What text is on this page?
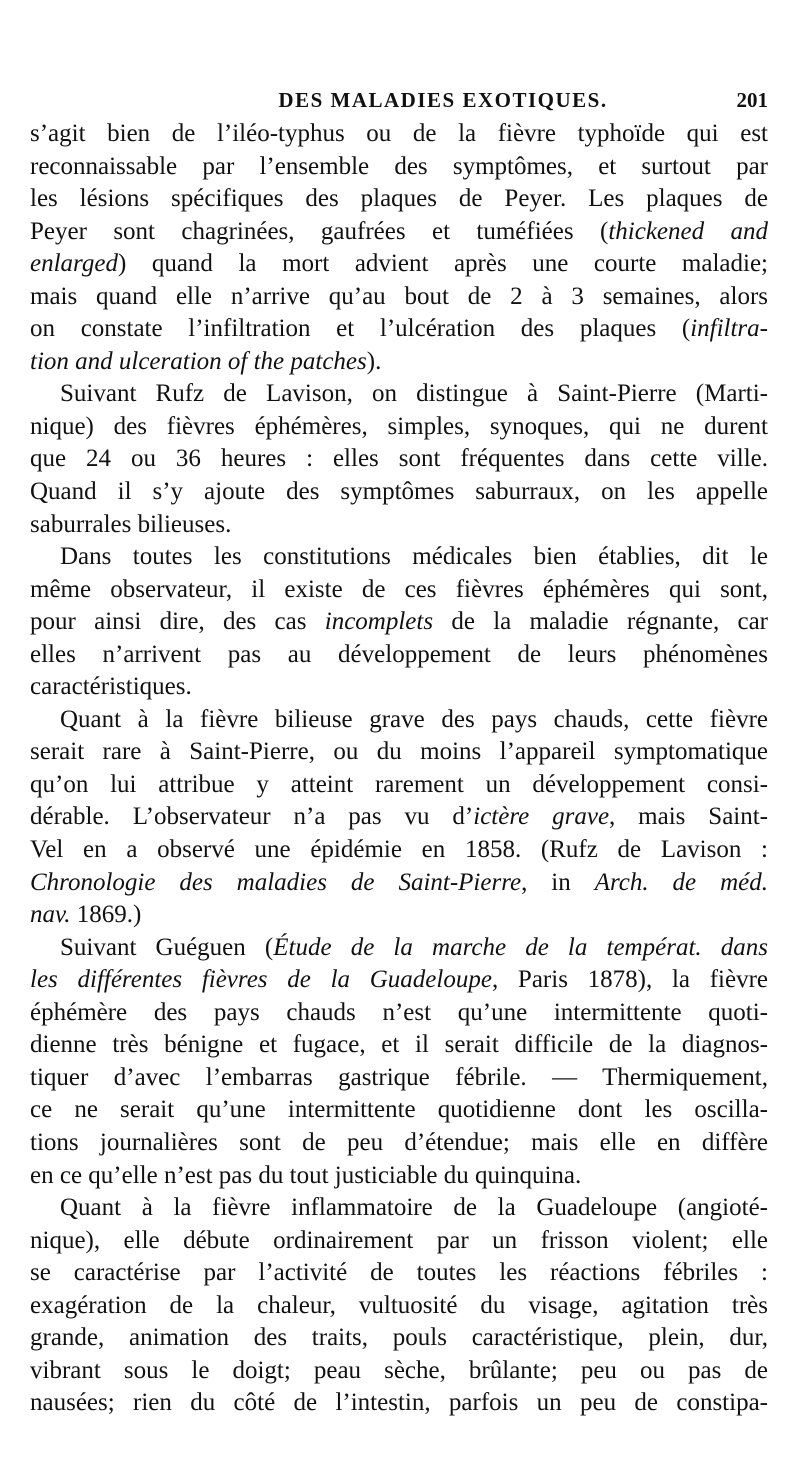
DES MALADIES EXOTIQUES.	201
s’agit bien de l’iléo-typhus ou de la fièvre typhoïde qui est
reconnaissable par l’ensemble des symptômes, et surtout par
les lésions spécifiques des plaques de Peyer. Les plaques de
Peyer sont chagrinées, gaufrées et tuméfiées (thickened and
enlarged) quand la mort advient après une courte maladie;
mais quand elle n’arrive qu’au bout de 2 à 3 semaines, alors
on constate l’infiltration et l’ulcération des plaques (infiltra-
tion and ulceration of the patches).
Suivant Rufz de Lavison, on distingue à Saint-Pierre (Marti-
nique) des fièvres éphémères, simples, synoques, qui ne durent
que 24 ou 36 heures : elles sont fréquentes dans cette ville.
Quand il s’y ajoute des symptômes saburraux, on les appelle
saburrales bilieuses.
Dans toutes les constitutions médicales bien établies, dit le
même observateur, il existe de ces fièvres éphémères qui sont,
pour ainsi dire, des cas incomplets de la maladie régnante, car
elles n’arrivent pas au développement de leurs phénomènes
caractéristiques.
Quant à la fièvre bilieuse grave des pays chauds, cette fièvre
serait rare à Saint-Pierre, ou du moins l’appareil symptomatique
qu’on lui attribue y atteint rarement un développement consi-
dérable. L’observateur n’a pas vu d’ictère grave, mais Saint-
Vel en a observé une épidémie en 1858. (Rufz de Lavison :
Chronologie des maladies de Saint-Pierre, in Arch. de méd.
nav. 1869.)
Suivant Guéguen (Étude de la marche de la températ. dans
les différentes fièvres de la Guadeloupe, Paris 1878), la fièvre
éphémère des pays chauds n’est qu’une intermittente quoti-
dienne très bénigne et fugace, et il serait difficile de la diagnos-
tiquer d’avec l’embarras gastrique fébrile. — Thermiquement,
ce ne serait qu’une intermittente quotidienne dont les oscilla-
tions journalières sont de peu d’étendue; mais elle en diffère
en ce qu’elle n’est pas du tout justiciable du quinquina.
Quant à la fièvre inflammatoire de la Guadeloupe (angioté-
nique), elle débute ordinairement par un frisson violent; elle
se caractérise par l’activité de toutes les réactions fébriles :
exagération de la chaleur, vultuosité du visage, agitation très
grande, animation des traits, pouls caractéristique, plein, dur,
vibrant sous le doigt; peau sèche, brûlante; peu ou pas de
nausées; rien du côté de l’intestin, parfois un peu de constipa-
